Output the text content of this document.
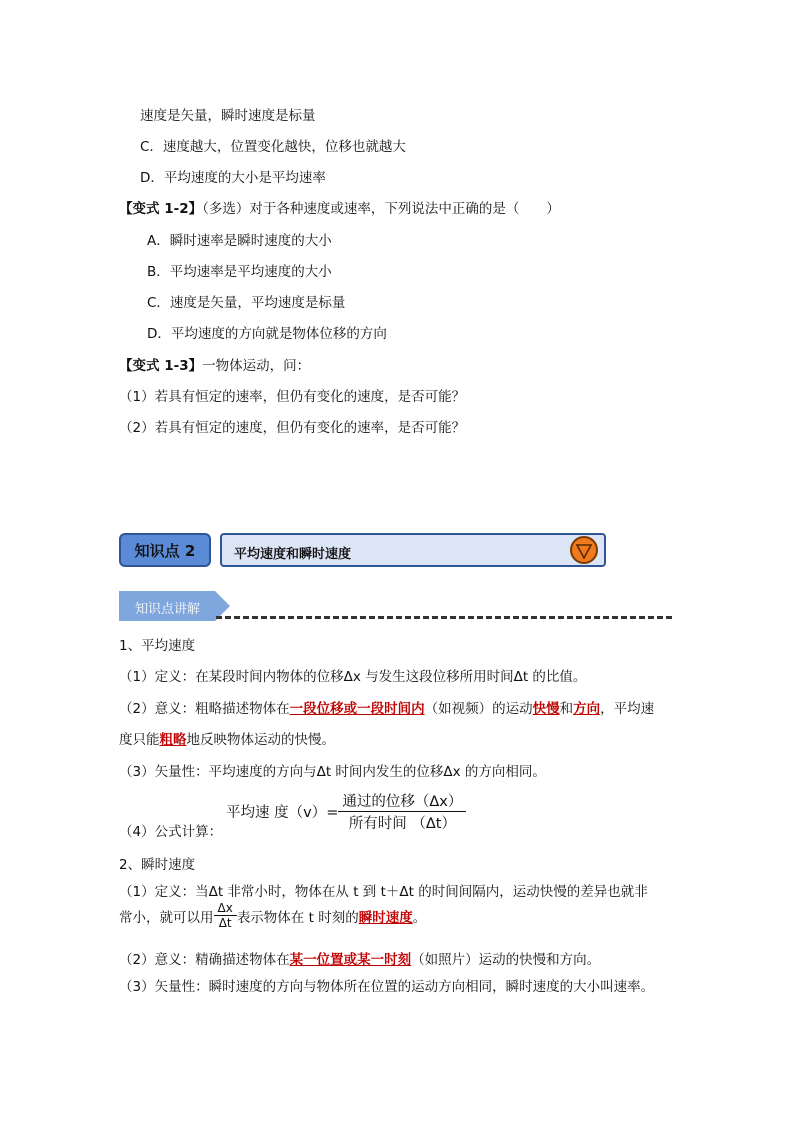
速度是矢量，瞬时速度是标量
C．速度越大，位置变化越快，位移也就越大
D．平均速度的大小是平均速率
【变式 1-2】（多选）对于各种速度或速率，下列说法中正确的是（　　）
A．瞬时速率是瞬时速度的大小
B．平均速率是平均速度的大小
C．速度是矢量，平均速度是标量
D．平均速度的方向就是物体位移的方向
【变式 1-3】一物体运动，问：
（1）若具有恒定的速率，但仍有变化的速度，是否可能？
（2）若具有恒定的速度，但仍有变化的速率，是否可能？
知识点 2	平均速度和瞬时速度
知识点讲解
1、平均速度
（1）定义：在某段时间内物体的位移Δx 与发生这段位移所用时间Δt 的比值。
（2）意义：粗略描述物体在一段位移或一段时间内（如视频）的运动快慢和方向，平均速
度只能粗略地反映物体运动的快慢。
（3）矢量性：平均速度的方向与Δt 时间内发生的位移Δx 的方向相同。
（4）公式计算：
平均速 度$(v)= \frac{\text{通过的位移（Δx）}}{\text{所有时间 （Δt）}}$
2、瞬时速度
（1）定义：当Δt 非常小时，物体在从 t 到 t＋Δt 的时间间隔内，运动快慢的差异也就非
常小，就可以用 $\frac{\Delta x}{\Delta t}$ 表示物体在 t 时刻的 瞬时速度 。
（2）意义：精确描述物体在某一位置或某一时刻（如照片）运动的快慢和方向。
（3）矢量性：瞬时速度的方向与物体所在位置的运动方向相同，瞬时速度的大小叫速率。
